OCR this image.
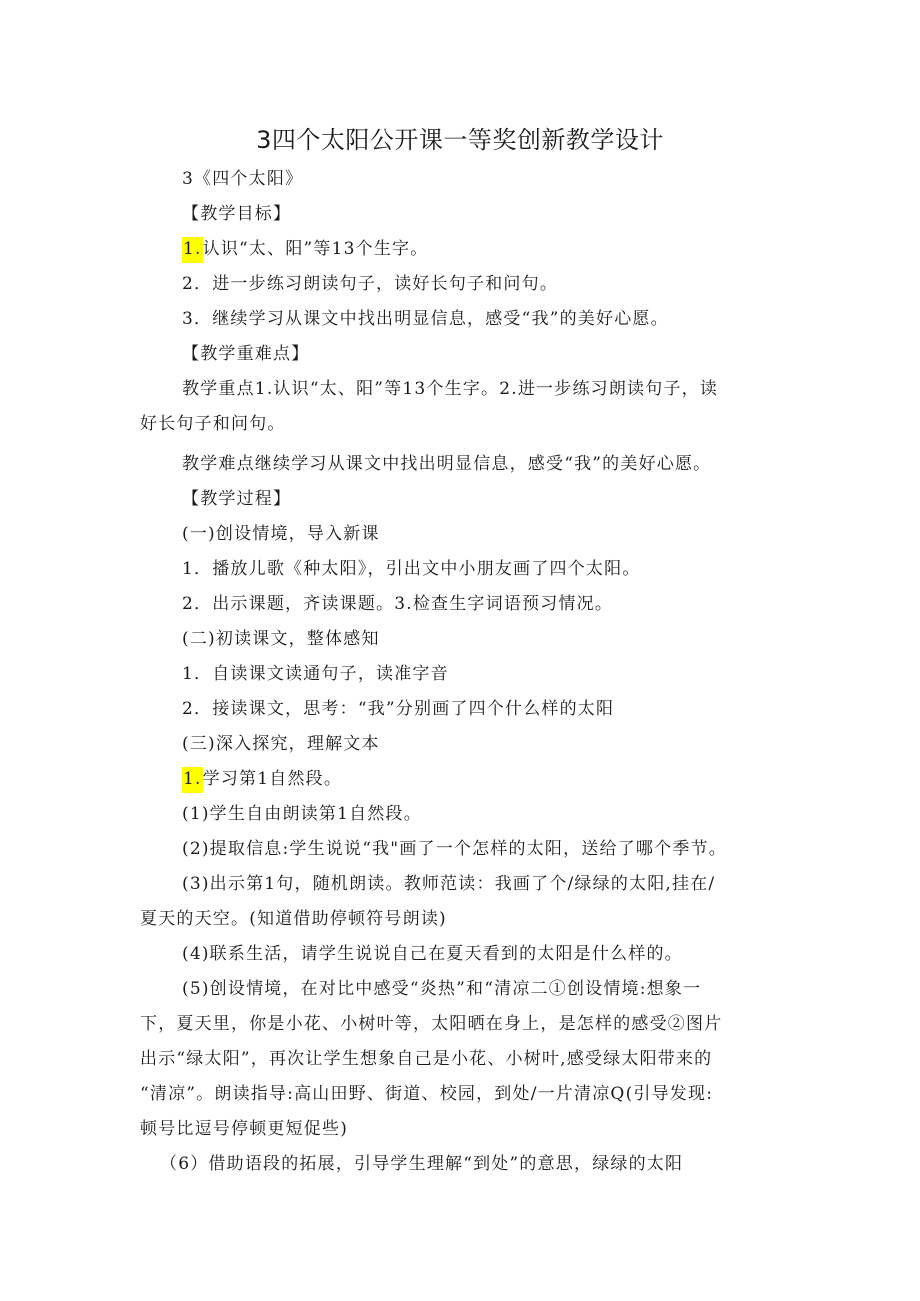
3四个太阳公开课一等奖创新教学设计
3《四个太阳》
【教学目标】
1.认识“太、阳”等13个生字。
2．进一步练习朗读句子，读好长句子和问句。
3．继续学习从课文中找出明显信息，感受“我”的美好心愿。
【教学重难点】
教学重点1.认识“太、阳”等13个生字。2.进一步练习朗读句子，读
好长句子和问句。
教学难点继续学习从课文中找出明显信息，感受“我”的美好心愿。
【教学过程】
(一)创设情境，导入新课
1．播放儿歌《种太阳》，引出文中小朋友画了四个太阳。
2．出示课题，齐读课题。3.检查生字词语预习情况。
(二)初读课文，整体感知
1．自读课文读通句子，读准字音
2．接读课文，思考：“我”分别画了四个什么样的太阳
(三)深入探究，理解文本
1.学习第1自然段。
(1)学生自由朗读第1自然段。
(2)提取信息:学生说说“我"画了一个怎样的太阳，送给了哪个季节。
(3)出示第1句，随机朗读。教师范读：我画了个/绿绿的太阳,挂在/
夏天的天空。(知道借助停顿符号朗读)
(4)联系生活，请学生说说自己在夏天看到的太阳是什么样的。
(5)创设情境，在对比中感受“炎热”和“清凉二①创设情境:想象一
下，夏天里，你是小花、小树叶等，太阳晒在身上，是怎样的感受②图片
出示“绿太阳”，再次让学生想象自己是小花、小树叶,感受绿太阳带来的
“清凉”。朗读指导:高山田野、街道、校园，到处/一片清凉Q(引导发现:
顿号比逗号停顿更短促些)
（6）借助语段的拓展，引导学生理解“到处”的意思，绿绿的太阳
